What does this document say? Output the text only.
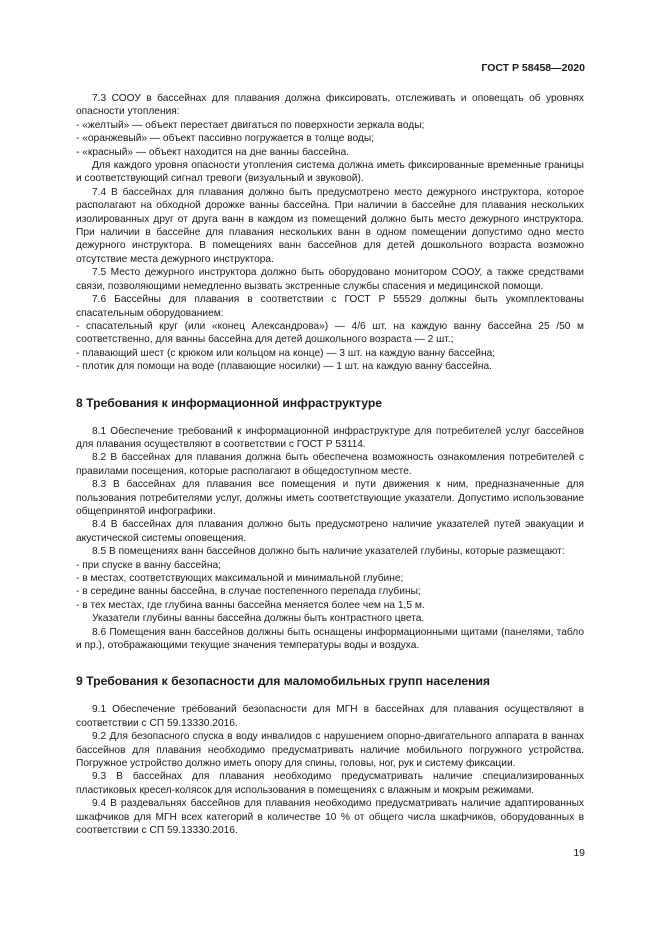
ГОСТ Р 58458—2020

7.3 СООУ в бассейнах для плавания должна фиксировать, отслеживать и оповещать об уровнях опасности утопления:

- «желтый» — объект перестает двигаться по поверхности зеркала воды;

- «оранжевый» — объект пассивно погружается в толще воды;

- «красный» — объект находится на дне ванны бассейна.

Для каждого уровня опасности утопления система должна иметь фиксированные временные границы и соответствующий сигнал тревоги (визуальный и звуковой).

7.4 В бассейнах для плавания должно быть предусмотрено место дежурного инструктора, которое располагают на обходной дорожке ванны бассейна. При наличии в бассейне для плавания нескольких изолированных друг от друга ванн в каждом из помещений должно быть место дежурного инструктора. При наличии в бассейне для плавания нескольких ванн в одном помещении допустимо одно место дежурного инструктора. В помещениях ванн бассейнов для детей дошкольного возраста возможно отсутствие места дежурного инструктора.

7.5 Место дежурного инструктора должно быть оборудовано монитором СООУ, а также средствами связи, позволяющими немедленно вызвать экстренные службы спасения и медицинской помощи.

7.6 Бассейны для плавания в соответствии с ГОСТ Р 55529 должны быть укомплектованы спасательным оборудованием:

- спасательный круг (или «конец Александрова») — 4/6 шт. на каждую ванну бассейна 25 /50 м соответственно, для ванны бассейна для детей дошкольного возраста — 2 шт.;

- плавающий шест (с крюком или кольцом на конце) — 3 шт. на каждую ванну бассейна;

- плотик для помощи на воде (плавающие носилки) — 1 шт. на каждую ванну бассейна.

8 Требования к информационной инфраструктуре

8.1 Обеспечение требований к информационной инфраструктуре для потребителей услуг бассейнов для плавания осуществляют в соответствии с ГОСТ Р 53114.

8.2 В бассейнах для плавания должна быть обеспечена возможность ознакомления потребителей с правилами посещения, которые располагают в общедоступном месте.

8.3 В бассейнах для плавания все помещения и пути движения к ним, предназначенные для пользования потребителями услуг, должны иметь соответствующие указатели. Допустимо использование общепринятой инфографики.

8.4 В бассейнах для плавания должно быть предусмотрено наличие указателей путей эвакуации и акустической системы оповещения.

8.5 В помещениях ванн бассейнов должно быть наличие указателей глубины, которые размещают:

- при спуске в ванну бассейна;

- в местах, соответствующих максимальной и минимальной глубине;

- в середине ванны бассейна, в случае постепенного перепада глубины;

- в тех местах, где глубина ванны бассейна меняется более чем на 1,5 м.

Указатели глубины ванны бассейна должны быть контрастного цвета.

8.6 Помещения ванн бассейнов должны быть оснащены информационными щитами (панелями, табло и пр.), отображающими текущие значения температуры воды и воздуха.

9 Требования к безопасности для маломобильных групп населения

9.1 Обеспечение требований безопасности для МГН в бассейнах для плавания осуществляют в соответствии с СП 59.13330.2016.

9.2 Для безопасного спуска в воду инвалидов с нарушением опорно-двигательного аппарата в ваннах бассейнов для плавания необходимо предусматривать наличие мобильного погружного устройства. Погружное устройство должно иметь опору для спины, головы, ног, рук и систему фиксации.

9.3 В бассейнах для плавания необходимо предусматривать наличие специализированных пластиковых кресел-колясок для использования в помещениях с влажным и мокрым режимами.

9.4 В раздевальнях бассейнов для плавания необходимо предусматривать наличие адаптированных шкафчиков для МГН всех категорий в количестве 10 % от общего числа шкафчиков, оборудованных в соответствии с СП 59.13330.2016.

19
